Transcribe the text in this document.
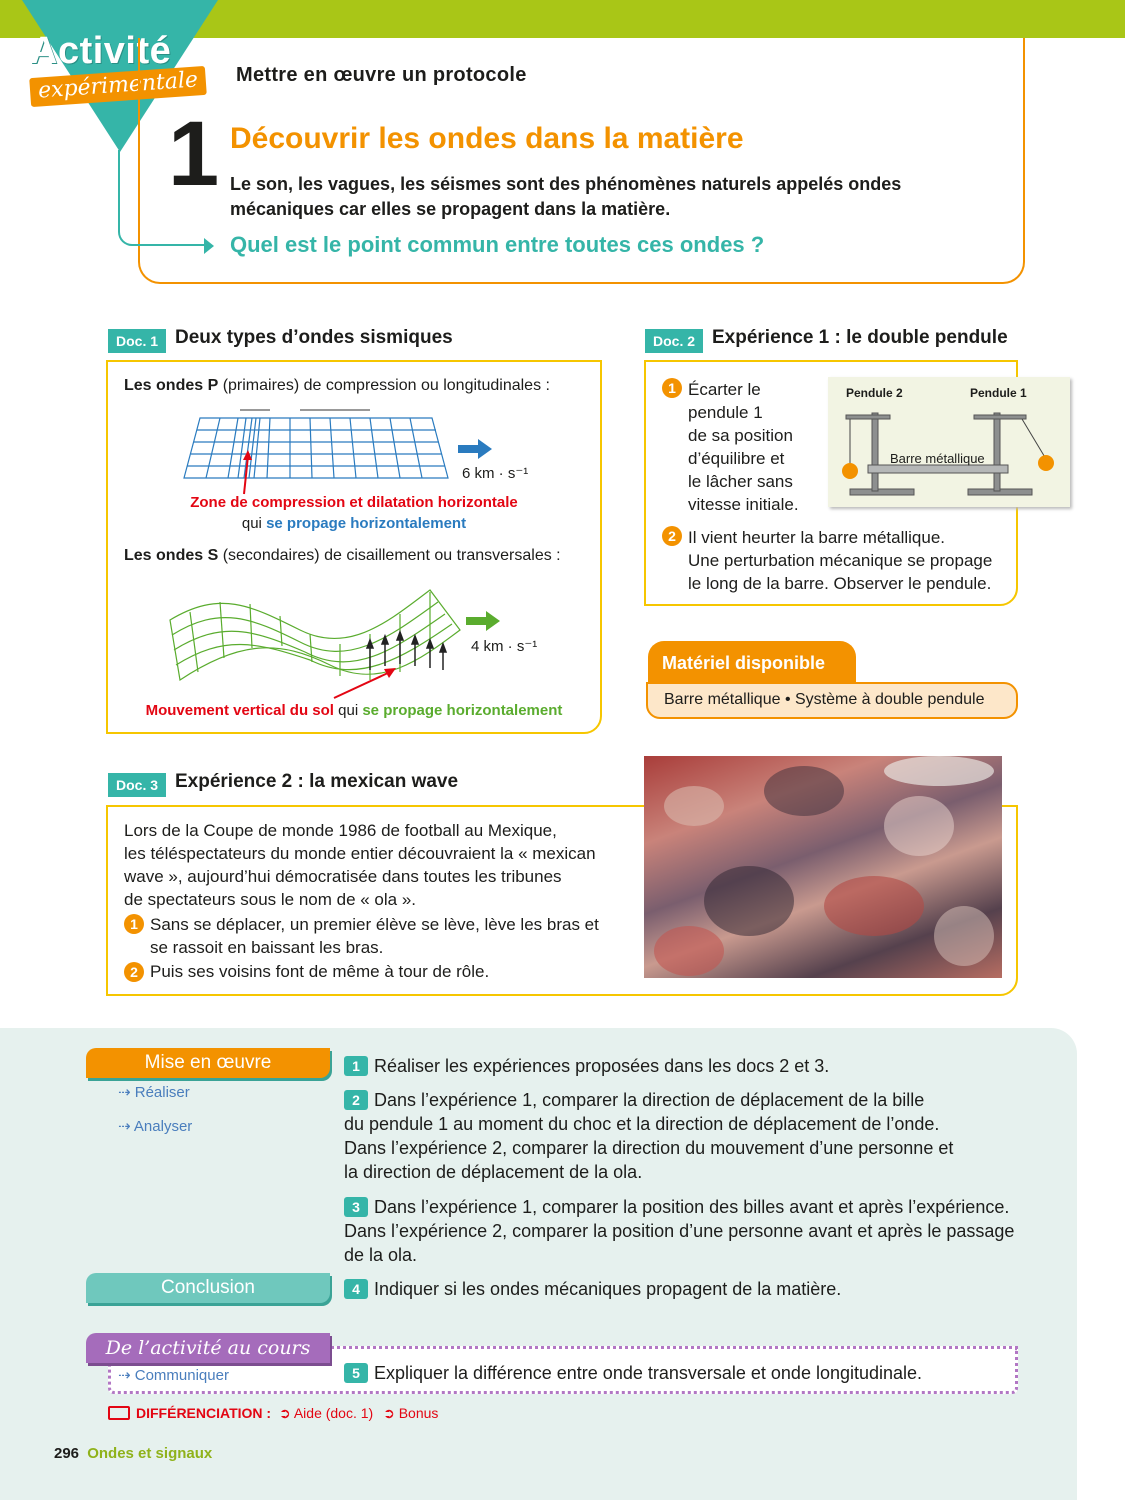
Activité
expérimentale	Mettre en œuvre un protocole
1 Découvrir les ondes dans la matière
Le son, les vagues, les séismes sont des phénomènes naturels appelés ondes mécaniques car elles se propagent dans la matière.
Quel est le point commun entre toutes ces ondes ?
Doc. 1 Deux types d’ondes sismiques
Les ondes P (primaires) de compression ou longitudinales :
6 km · s⁻¹
Zone de compression et dilatation horizontale
qui se propage horizontalement
Les ondes S (secondaires) de cisaillement ou transversales :
4 km · s⁻¹
Mouvement vertical du sol qui se propage horizontalement
Doc. 2 Expérience 1 : le double pendule
1 Écarter le
pendule 1
de sa position
d’équilibre et
le lâcher sans
vitesse initiale.
Pendule 2	Pendule 1
Barre métallique
2 Il vient heurter la barre métallique.
Une perturbation mécanique se propage
le long de la barre. Observer le pendule.
Matériel disponible
Barre métallique • Système à double pendule
Doc. 3 Expérience 2 : la mexican wave
Lors de la Coupe de monde 1986 de football au Mexique,
les téléspectateurs du monde entier découvraient la « mexican
wave », aujourd’hui démocratisée dans toutes les tribunes
de spectateurs sous le nom de « ola ».
1 Sans se déplacer, un premier élève se lève, lève les bras et
se rassoit en baissant les bras.
2 Puis ses voisins font de même à tour de rôle.
Mise en œuvre
⇢ Réaliser
⇢ Analyser
1 Réaliser les expériences proposées dans les docs 2 et 3.
2 Dans l’expérience 1, comparer la direction de déplacement de la bille
du pendule 1 au moment du choc et la direction de déplacement de l’onde.
Dans l’expérience 2, comparer la direction du mouvement d’une personne et
la direction de déplacement de la ola.
3 Dans l’expérience 1, comparer la position des billes avant et après l’expérience.
Dans l’expérience 2, comparer la position d’une personne avant et après le passage
de la ola.
Conclusion	4 Indiquer si les ondes mécaniques propagent de la matière.
De l’activité au cours
⇢ Communiquer	5 Expliquer la différence entre onde transversale et onde longitudinale.
DIFFÉRENCIATION : ➲ Aide (doc. 1) ➲ Bonus
296 Ondes et signaux
